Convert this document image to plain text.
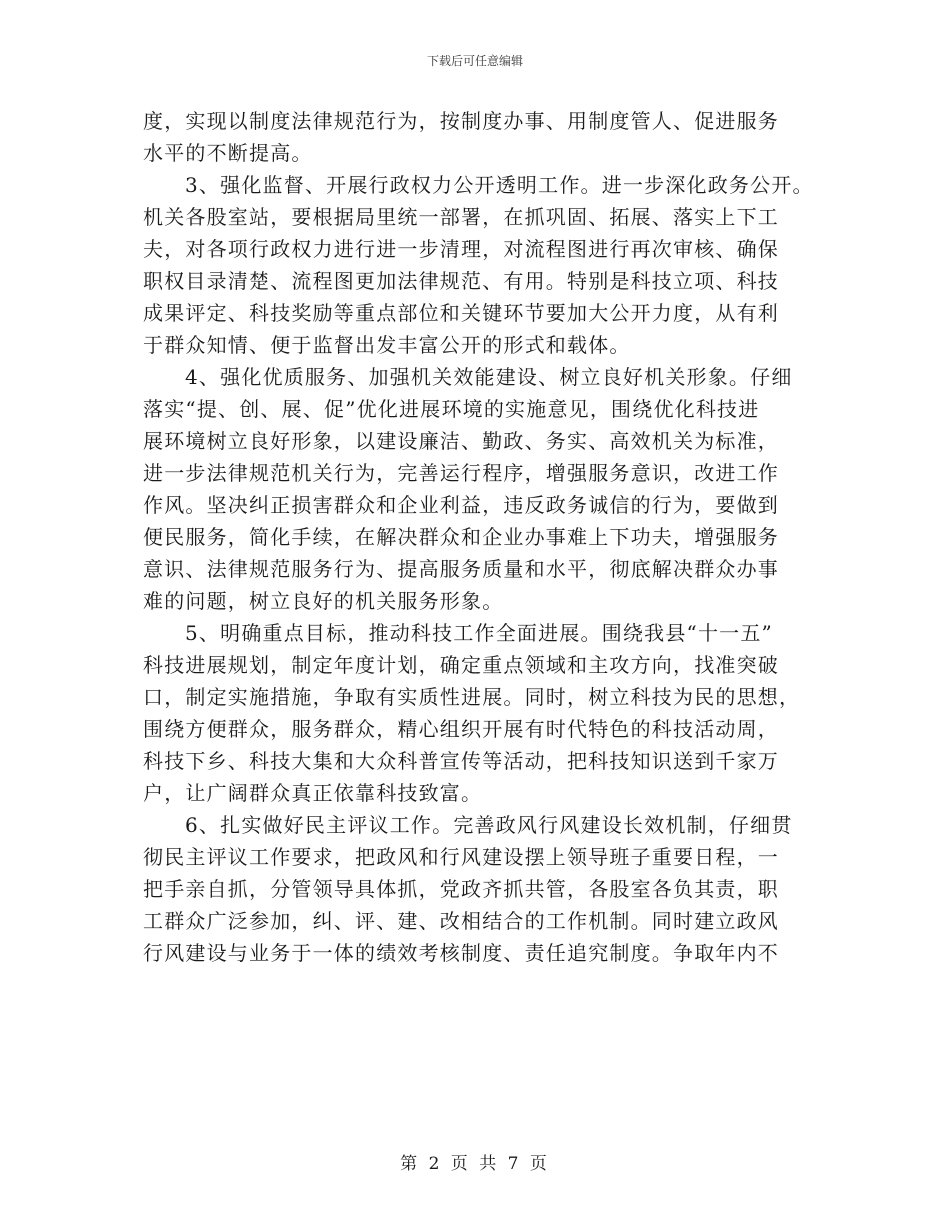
下载后可任意编辑
度，实现以制度法律规范行为，按制度办事、用制度管人、促进服务
水平的不断提高。
3、强化监督、开展行政权力公开透明工作。进一步深化政务公开。
机关各股室站，要根据局里统一部署，在抓巩固、拓展、落实上下工
夫，对各项行政权力进行进一步清理，对流程图进行再次审核、确保
职权目录清楚、流程图更加法律规范、有用。特别是科技立项、科技
成果评定、科技奖励等重点部位和关键环节要加大公开力度，从有利
于群众知情、便于监督出发丰富公开的形式和载体。
4、强化优质服务、加强机关效能建设、树立良好机关形象。仔细
落实“提、创、展、促”优化进展环境的实施意见，围绕优化科技进
展环境树立良好形象，以建设廉洁、勤政、务实、高效机关为标准，
进一步法律规范机关行为，完善运行程序，增强服务意识，改进工作
作风。坚决纠正损害群众和企业利益，违反政务诚信的行为，要做到
便民服务，简化手续，在解决群众和企业办事难上下功夫，增强服务
意识、法律规范服务行为、提高服务质量和水平，彻底解决群众办事
难的问题，树立良好的机关服务形象。
5、明确重点目标，推动科技工作全面进展。围绕我县“十一五”
科技进展规划，制定年度计划，确定重点领域和主攻方向，找准突破
口，制定实施措施，争取有实质性进展。同时，树立科技为民的思想，
围绕方便群众，服务群众，精心组织开展有时代特色的科技活动周，
科技下乡、科技大集和大众科普宣传等活动，把科技知识送到千家万
户，让广阔群众真正依靠科技致富。
6、扎实做好民主评议工作。完善政风行风建设长效机制，仔细贯
彻民主评议工作要求，把政风和行风建设摆上领导班子重要日程，一
把手亲自抓，分管领导具体抓，党政齐抓共管，各股室各负其责，职
工群众广泛参加，纠、评、建、改相结合的工作机制。同时建立政风
行风建设与业务于一体的绩效考核制度、责任追究制度。争取年内不
第 2 页 共 7 页
